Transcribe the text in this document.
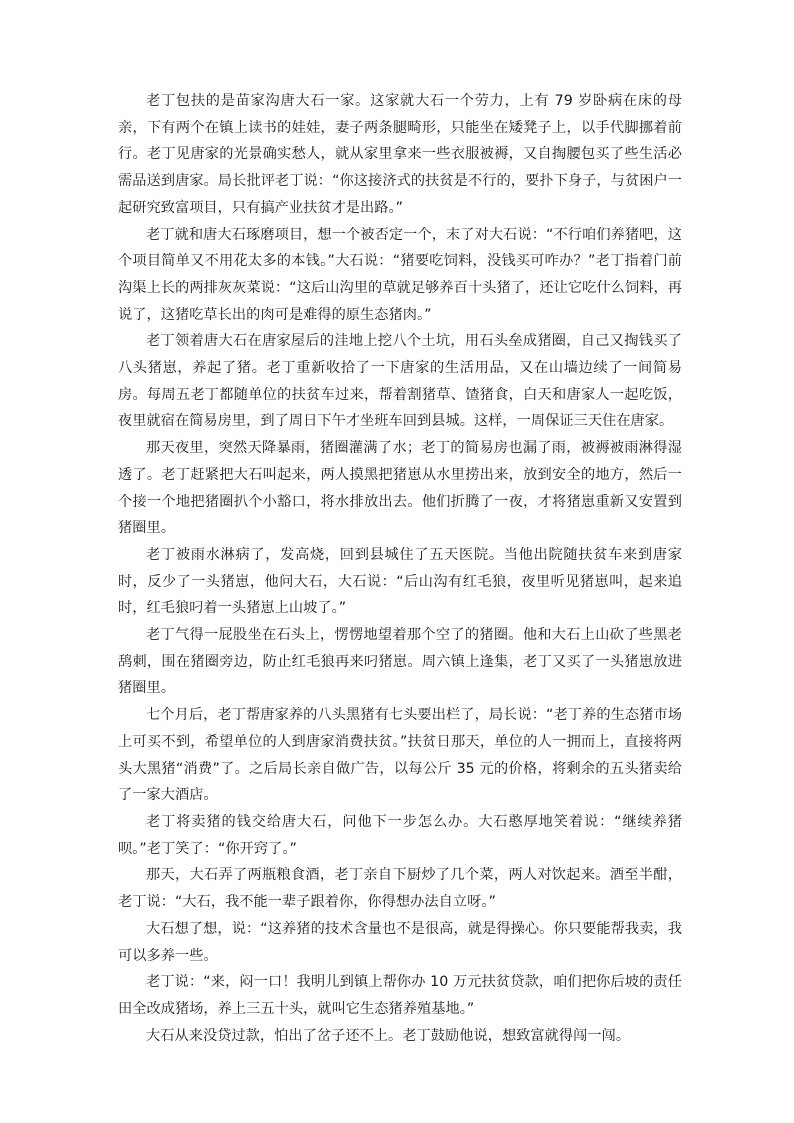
老丁包扶的是苗家沟唐大石一家。这家就大石一个劳力，上有 79 岁卧病在床的母亲，下有两个在镇上读书的娃娃，妻子两条腿畸形，只能坐在矮凳子上，以手代脚挪着前行。老丁见唐家的光景确实愁人，就从家里拿来一些衣服被褥，又自掏腰包买了些生活必需品送到唐家。局长批评老丁说：“你这接济式的扶贫是不行的，要扑下身子，与贫困户一起研究致富项目，只有搞产业扶贫才是出路。”

老丁就和唐大石琢磨项目，想一个被否定一个，末了对大石说：“不行咱们养猪吧，这个项目简单又不用花太多的本钱。”大石说：“猪要吃饲料，没钱买可咋办？”老丁指着门前沟渠上长的两排灰灰菜说：“这后山沟里的草就足够养百十头猪了，还让它吃什么饲料，再说了，这猪吃草长出的肉可是难得的原生态猪肉。”

老丁领着唐大石在唐家屋后的洼地上挖八个土坑，用石头垒成猪圈，自己又掏钱买了八头猪崽，养起了猪。老丁重新收拾了一下唐家的生活用品，又在山墙边续了一间简易房。每周五老丁都随单位的扶贫车过来，帮着割猪草、馇猪食，白天和唐家人一起吃饭，夜里就宿在简易房里，到了周日下午才坐班车回到县城。这样，一周保证三天住在唐家。

那天夜里，突然天降暴雨，猪圈灌满了水；老丁的简易房也漏了雨，被褥被雨淋得湿透了。老丁赶紧把大石叫起来，两人摸黑把猪崽从水里捞出来，放到安全的地方，然后一个接一个地把猪圈扒个小豁口，将水排放出去。他们折腾了一夜，才将猪崽重新又安置到猪圈里。

老丁被雨水淋病了，发高烧，回到县城住了五天医院。当他出院随扶贫车来到唐家时，反少了一头猪崽，他问大石，大石说：“后山沟有红毛狼，夜里听见猪崽叫，起来追时，红毛狼叼着一头猪崽上山坡了。”

老丁气得一屁股坐在石头上，愣愣地望着那个空了的猪圈。他和大石上山砍了些黑老鸹刺，围在猪圈旁边，防止红毛狼再来叼猪崽。周六镇上逢集，老丁又买了一头猪崽放进猪圈里。

七个月后，老丁帮唐家养的八头黑猪有七头要出栏了，局长说：“老丁养的生态猪市场上可买不到，希望单位的人到唐家消费扶贫。”扶贫日那天，单位的人一拥而上，直接将两头大黑猪“消费”了。之后局长亲自做广告，以每公斤 35 元的价格，将剩余的五头猪卖给了一家大酒店。

老丁将卖猪的钱交给唐大石，问他下一步怎么办。大石憨厚地笑着说：“继续养猪呗。”老丁笑了：“你开窍了。”

那天，大石弄了两瓶粮食酒，老丁亲自下厨炒了几个菜，两人对饮起来。酒至半酣，老丁说：“大石，我不能一辈子跟着你，你得想办法自立呀。”

大石想了想，说：“这养猪的技术含量也不是很高，就是得操心。你只要能帮我卖，我可以多养一些。

老丁说：“来，闷一口！我明儿到镇上帮你办 10 万元扶贫贷款，咱们把你后坡的责任田全改成猪场，养上三五十头，就叫它生态猪养殖基地。”

大石从来没贷过款，怕出了岔子还不上。老丁鼓励他说，想致富就得闯一闯。
